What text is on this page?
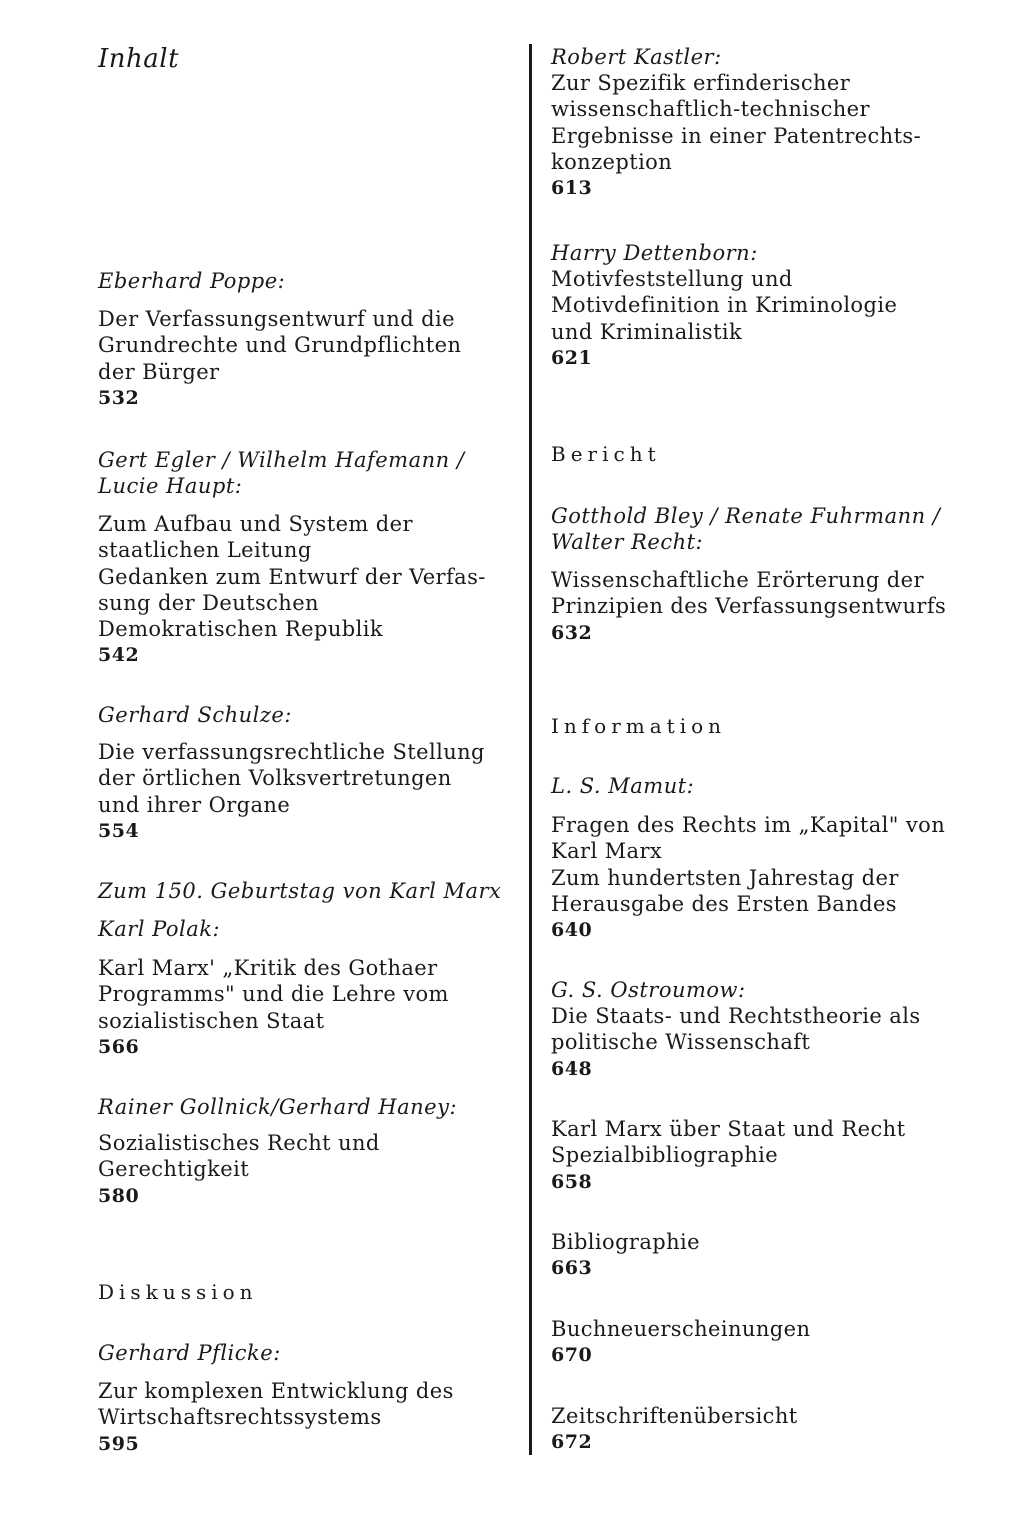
Inhalt
Eberhard Poppe:
Der Verfassungsentwurf und die
Grundrechte und Grundpflichten
der Bürger
532
Gert Egler / Wilhelm Hafemann /
Lucie Haupt:
Zum Aufbau und System der
staatlichen Leitung
Gedanken zum Entwurf der Verfas-
sung der Deutschen
Demokratischen Republik
542
Gerhard Schulze:
Die verfassungsrechtliche Stellung
der örtlichen Volksvertretungen
und ihrer Organe
554
Zum 150. Geburtstag von Karl Marx
Karl Polak:
Karl Marx' „Kritik des Gothaer
Programms" und die Lehre vom
sozialistischen Staat
566
Rainer Gollnick/Gerhard Haney:
Sozialistisches Recht und
Gerechtigkeit
580
Diskussion
Gerhard Pflicke:
Zur komplexen Entwicklung des
Wirtschaftsrechtssystems
595
Robert Kastler:
Zur Spezifik erfinderischer
wissenschaftlich-technischer
Ergebnisse in einer Patentrechts-
konzeption
613
Harry Dettenborn:
Motivfeststellung und
Motivdefinition in Kriminologie
und Kriminalistik
621
Bericht
Gotthold Bley / Renate Fuhrmann /
Walter Recht:
Wissenschaftliche Erörterung der
Prinzipien des Verfassungsentwurfs
632
Information
L. S. Mamut:
Fragen des Rechts im „Kapital" von
Karl Marx
Zum hundertsten Jahrestag der
Herausgabe des Ersten Bandes
640
G. S. Ostroumow:
Die Staats- und Rechtstheorie als
politische Wissenschaft
648
Karl Marx über Staat und Recht
Spezialbibliographie
658
Bibliographie
663
Buchneuerscheinungen
670
Zeitschriftenübersicht
672
